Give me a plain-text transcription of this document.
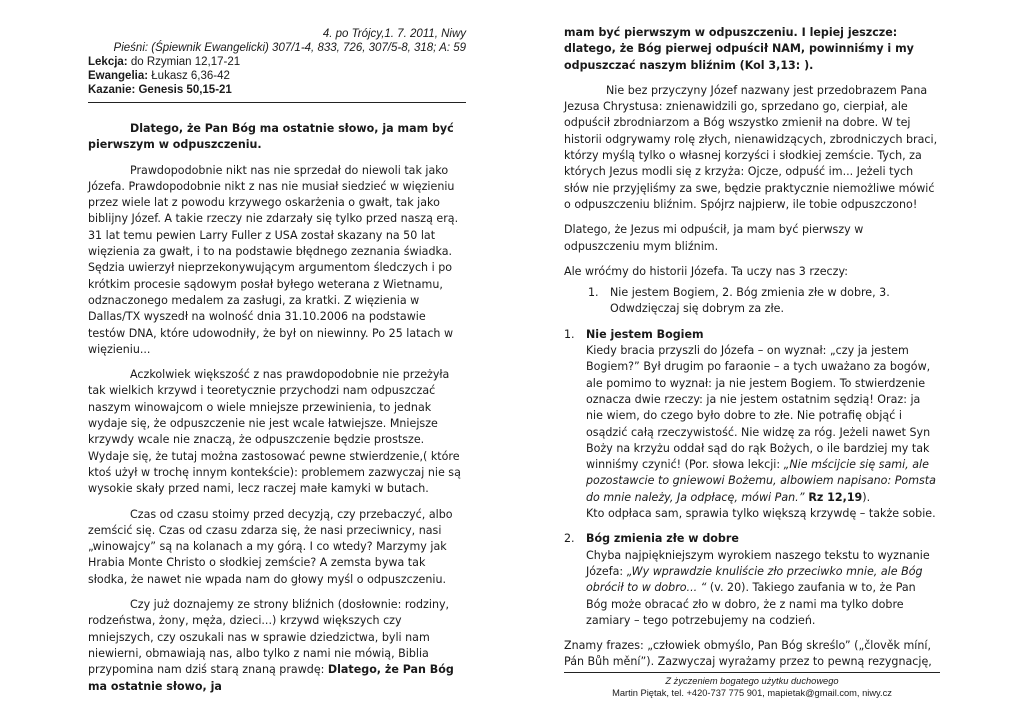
4. po Trójcy,1. 7. 2011, Niwy
Pieśni: (Śpiewnik Ewangelicki) 307/1-4, 833, 726, 307/5-8, 318; A: 59
Lekcja: do Rzymian 12,17-21
Ewangelia: Łukasz 6,36-42
Kazanie: Genesis 50,15-21

Dlatego, że Pan Bóg ma ostatnie słowo, ja mam być pierwszym w odpuszczeniu.

Prawdopodobnie nikt nas nie sprzedał do niewoli tak jako Józefa. Prawdopodobnie nikt z nas nie musiał siedzieć w więzieniu przez wiele lat z powodu krzywego oskarżenia o gwałt, tak jako biblijny Józef. A takie rzeczy nie zdarzały się tylko przed naszą erą. 31 lat temu pewien Larry Fuller z USA został skazany na 50 lat więzienia za gwałt, i to na podstawie błędnego zeznania świadka. Sędzia uwierzył nieprzekonywującym argumentom śledczych i po krótkim procesie sądowym posłał byłego weterana z Wietnamu, odznaczonego medalem za zasługi, za kratki. Z więzienia w Dallas/TX wyszedł na wolność dnia 31.10.2006 na podstawie testów DNA, które udowodniły, że był on niewinny. Po 25 latach w więzieniu...

Aczkolwiek większość z nas prawdopodobnie nie przeżyła tak wielkich krzywd i teoretycznie przychodzi nam odpuszczać naszym winowajcom o wiele mniejsze przewinienia, to jednak wydaje się, że odpuszczenie nie jest wcale łatwiejsze. Mniejsze krzywdy wcale nie znaczą, że odpuszczenie będzie prostsze. Wydaje się, że tutaj można zastosować pewne stwierdzenie,( które ktoś użył w trochę innym kontekście): problemem zazwyczaj nie są wysokie skały przed nami, lecz raczej małe kamyki w butach.

Czas od czasu stoimy przed decyzją, czy przebaczyć, albo zemścić się. Czas od czasu zdarza się, że nasi przeciwnicy, nasi „winowajcy” są na kolanach a my górą. I co wtedy? Marzymy jak Hrabia Monte Christo o słodkiej zemście? A zemsta bywa tak słodka, że nawet nie wpada nam do głowy myśl o odpuszczeniu.

Czy już doznajemy ze strony bliźnich (dosłownie: rodziny, rodzeństwa, żony, męża, dzieci...) krzywd większych czy mniejszych, czy oszukali nas w sprawie dziedzictwa, byli nam niewierni, obmawiają nas, albo tylko z nami nie mówią, Biblia przypomina nam dziś starą znaną prawdę: Dlatego, że Pan Bóg ma ostatnie słowo, ja

mam być pierwszym w odpuszczeniu. I lepiej jeszcze: dlatego, że Bóg pierwej odpuścił NAM, powinniśmy i my odpuszczać naszym bliźnim (Kol 3,13: ).

Nie bez przyczyny Józef nazwany jest przedobrazem Pana Jezusa Chrystusa: znienawidzili go, sprzedano go, cierpiał, ale odpuścił zbrodniarzom a Bóg wszystko zmienił na dobre. W tej historii odgrywamy rolę złych, nienawidzących, zbrodniczych braci, którzy myślą tylko o własnej korzyści i słodkiej zemście. Tych, za których Jezus modli się z krzyża: Ojcze, odpuść im... Jeżeli tych słów nie przyjęliśmy za swe, będzie praktycznie niemożliwe mówić o odpuszczeniu bliźnim. Spójrz najpierw, ile tobie odpuszczono!

Dlatego, że Jezus mi odpuścił, ja mam być pierwszy w odpuszczeniu mym bliźnim.

Ale wróćmy do historii Józefa. Ta uczy nas 3 rzeczy:

1. Nie jestem Bogiem, 2. Bóg zmienia złe w dobre, 3. Odwdzięczaj się dobrym za złe.
1. Nie jestem Bogiem
Kiedy bracia przyszli do Józefa – on wyznał: „czy ja jestem Bogiem?” Był drugim po faraonie – a tych uważano za bogów, ale pomimo to wyznał: ja nie jestem Bogiem. To stwierdzenie oznacza dwie rzeczy: ja nie jestem ostatnim sędzią! Oraz: ja nie wiem, do czego było dobre to złe. Nie potrafię objąć i osądzić całą rzeczywistość. Nie widzę za róg. Jeżeli nawet Syn Boży na krzyżu oddał sąd do rąk Bożych, o ile bardziej my tak winniśmy czynić! (Por. słowa lekcji: „Nie mścijcie się sami, ale pozostawcie to gniewowi Bożemu, albowiem napisano: Pomsta do mnie należy, Ja odpłacę, mówi Pan.” Rz 12,19).
Kto odpłaca sam, sprawia tylko większą krzywdę – także sobie.
2. Bóg zmienia złe w dobre
Chyba najpiękniejszym wyrokiem naszego tekstu to wyznanie Józefa: „Wy wprawdzie knuliście zło przeciwko mnie, ale Bóg obrócił to w dobro... “ (v. 20). Takiego zaufania w to, że Pan Bóg może obracać zło w dobro, że z nami ma tylko dobre zamiary – tego potrzebujemy na codzień.

Znamy frazes: „człowiek obmyślo, Pan Bóg skreślo” („člověk míní, Pán Bůh mění”). Zazwyczaj wyrażamy przez to pewną rezygnację,

Z życzeniem bogatego użytku duchowego
Martin Piętak, tel. +420-737 775 901, mapietak@gmail.com, niwy.cz
